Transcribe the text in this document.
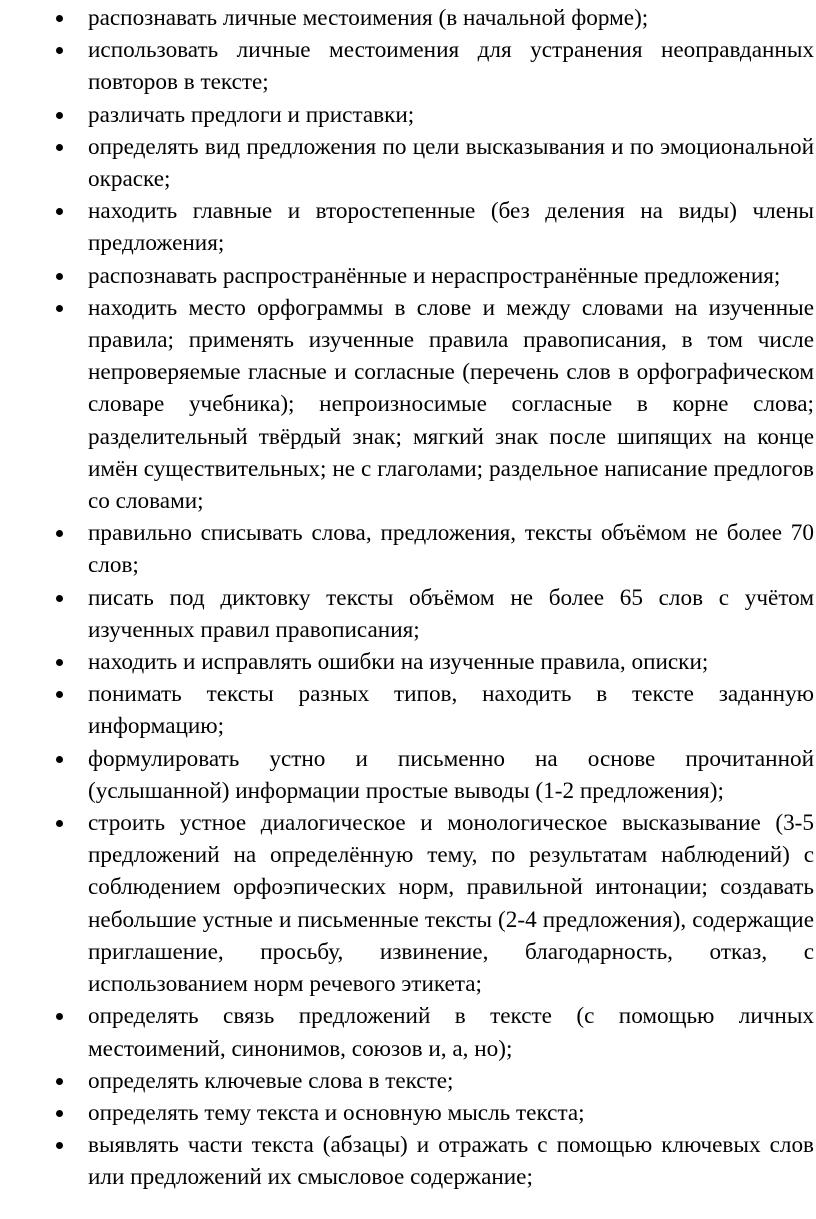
распознавать личные местоимения (в начальной форме);
использовать личные местоимения для устранения неоправданных повторов в тексте;
различать предлоги и приставки;
определять вид предложения по цели высказывания и по эмоциональной окраске;
находить главные и второстепенные (без деления на виды) члены предложения;
распознавать распространённые и нераспространённые предложения;
находить место орфограммы в слове и между словами на изученные правила; применять изученные правила правописания, в том числе непроверяемые гласные и согласные (перечень слов в орфографическом словаре учебника); непроизносимые согласные в корне слова; разделительный твёрдый знак; мягкий знак после шипящих на конце имён существительных; не с глаголами; раздельное написание предлогов со словами;
правильно списывать слова, предложения, тексты объёмом не более 70 слов;
писать под диктовку тексты объёмом не более 65 слов с учётом изученных правил правописания;
находить и исправлять ошибки на изученные правила, описки;
понимать тексты разных типов, находить в тексте заданную информацию;
формулировать устно и письменно на основе прочитанной (услышанной) информации простые выводы (1-2 предложения);
строить устное диалогическое и монологическое высказывание (3-5 предложений на определённую тему, по результатам наблюдений) с соблюдением орфоэпических норм, правильной интонации; создавать небольшие устные и письменные тексты (2-4 предложения), содержащие приглашение, просьбу, извинение, благодарность, отказ, с использованием норм речевого этикета;
определять связь предложений в тексте (с помощью личных местоимений, синонимов, союзов и, а, но);
определять ключевые слова в тексте;
определять тему текста и основную мысль текста;
выявлять части текста (абзацы) и отражать с помощью ключевых слов или предложений их смысловое содержание;
